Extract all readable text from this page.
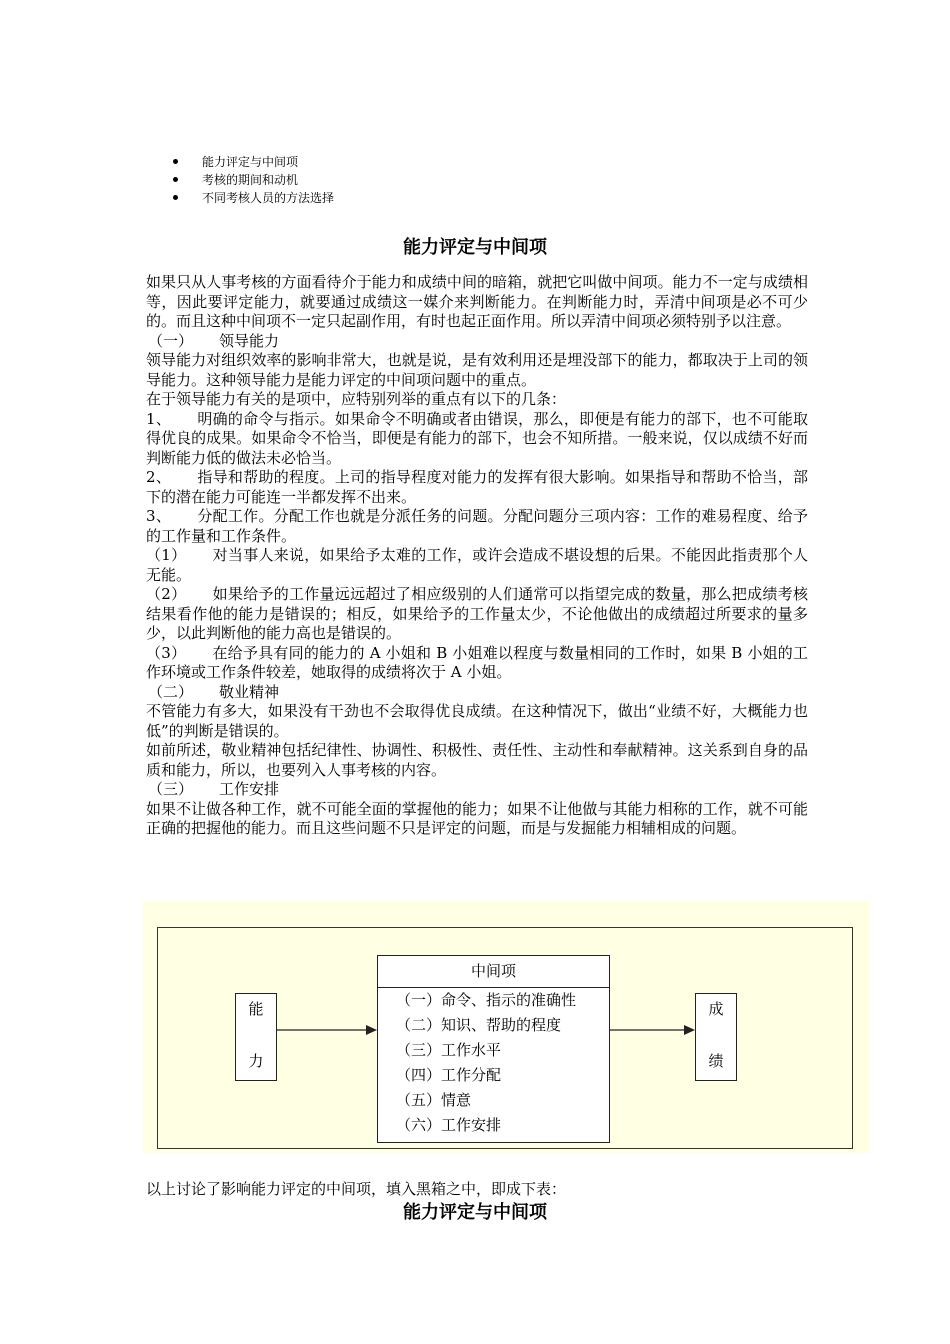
能力评定与中间项
考核的期间和动机
不同考核人员的方法选择
能力评定与中间项

如果只从人事考核的方面看待介于能力和成绩中间的暗箱，就把它叫做中间项。能力不一定与成绩相等，因此要评定能力，就要通过成绩这一媒介来判断能力。在判断能力时，弄清中间项是必不可少的。而且这种中间项不一定只起副作用，有时也起正面作用。所以弄清中间项必须特别予以注意。

（一） 领导能力

领导能力对组织效率的影响非常大，也就是说，是有效利用还是埋没部下的能力，都取决于上司的领导能力。这种领导能力是能力评定的中间项问题中的重点。

在于领导能力有关的是项中，应特别列举的重点有以下的几条：

1、 明确的命令与指示。如果命令不明确或者由错误，那么，即便是有能力的部下，也不可能取得优良的成果。如果命令不恰当，即便是有能力的部下，也会不知所措。一般来说，仅以成绩不好而判断能力低的做法未必恰当。

2、 指导和帮助的程度。上司的指导程度对能力的发挥有很大影响。如果指导和帮助不恰当，部下的潜在能力可能连一半都发挥不出来。

3、 分配工作。分配工作也就是分派任务的问题。分配问题分三项内容：工作的难易程度、给予的工作量和工作条件。

（1） 对当事人来说，如果给予太难的工作，或许会造成不堪设想的后果。不能因此指责那个人无能。

（2） 如果给予的工作量远远超过了相应级别的人们通常可以指望完成的数量，那么把成绩考核结果看作他的能力是错误的；相反，如果给予的工作量太少，不论他做出的成绩超过所要求的量多少，以此判断他的能力高也是错误的。

（3） 在给予具有同的能力的 A 小姐和 B 小姐难以程度与数量相同的工作时，如果 B 小姐的工作环境或工作条件较差，她取得的成绩将次于 A 小姐。

（二） 敬业精神

不管能力有多大，如果没有干劲也不会取得优良成绩。在这种情况下，做出“业绩不好，大概能力也低”的判断是错误的。

如前所述，敬业精神包括纪律性、协调性、积极性、责任性、主动性和奉献精神。这关系到自身的品质和能力，所以，也要列入人事考核的内容。

（三） 工作安排

如果不让做各种工作，就不可能全面的掌握他的能力；如果不让他做与其能力相称的工作，就不可能正确的把握他的能力。而且这些问题不只是评定的问题，而是与发掘能力相辅相成的问题。

能
力
中间项
（一）命令、指示的准确性
（二）知识、帮助的程度
（三）工作水平
（四）工作分配
（五）情意
（六）工作安排
成
绩
以上讨论了影响能力评定的中间项，填入黑箱之中，即成下表：
能力评定与中间项
